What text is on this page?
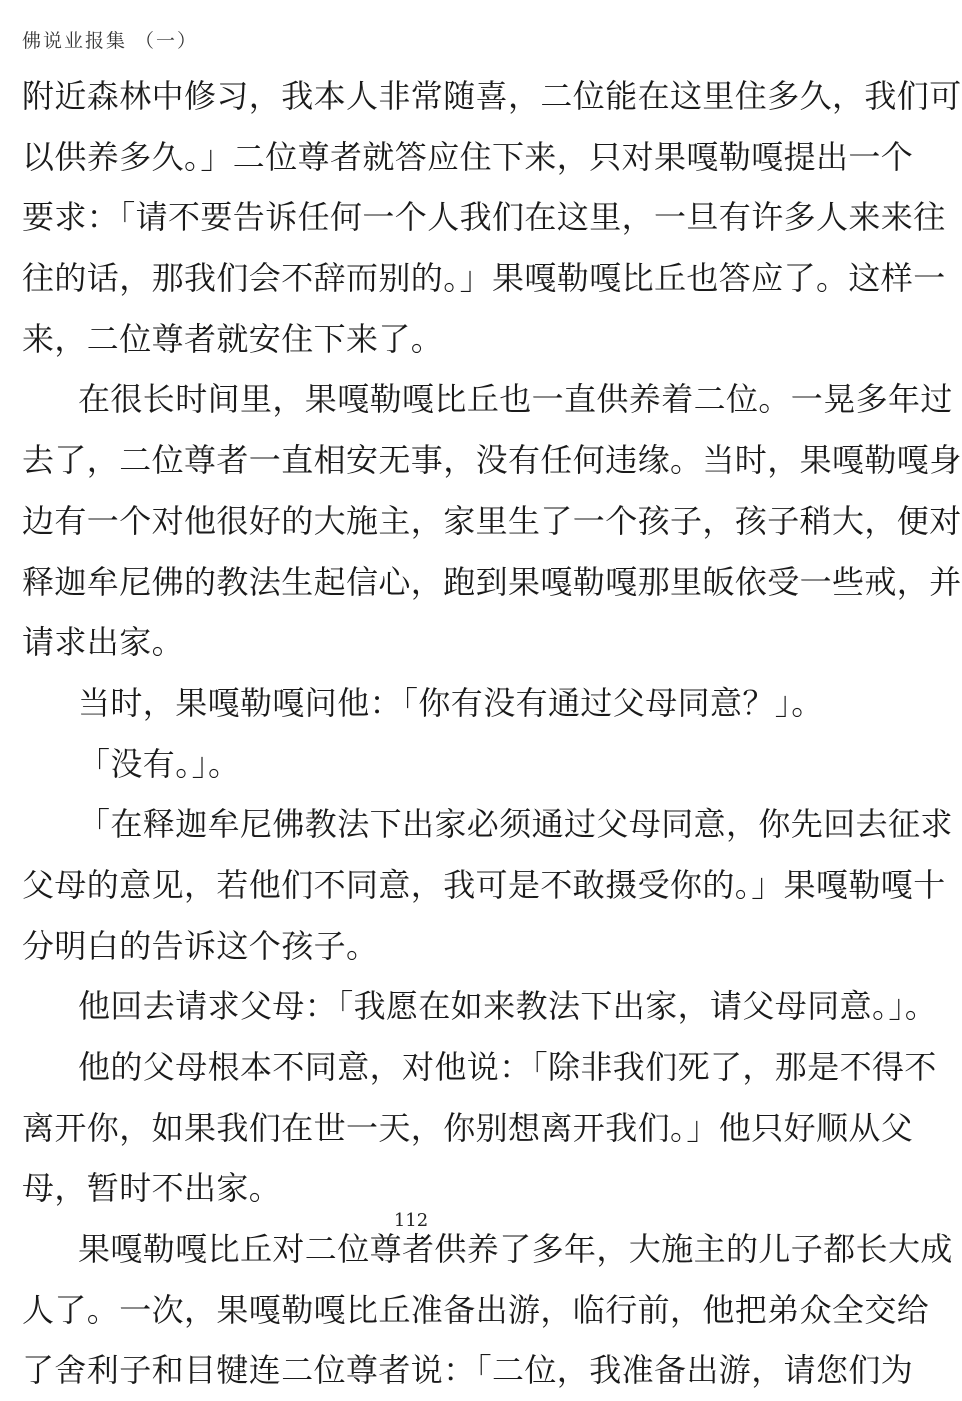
佛说业报集 （一）
附近森林中修习，我本人非常随喜，二位能在这里住多久，我们可
以供养多久。」二位尊者就答应住下来，只对果嘎勒嘎提出一个
要求：「请不要告诉任何一个人我们在这里，一旦有许多人来来往
往的话，那我们会不辞而别的。」果嘎勒嘎比丘也答应了。这样一
来，二位尊者就安住下来了。
在很长时间里，果嘎勒嘎比丘也一直供养着二位。一晃多年过
去了，二位尊者一直相安无事，没有任何违缘。当时，果嘎勒嘎身
边有一个对他很好的大施主，家里生了一个孩子，孩子稍大，便对
释迦牟尼佛的教法生起信心，跑到果嘎勒嘎那里皈依受一些戒，并
请求出家。
当时，果嘎勒嘎问他：「你有没有通过父母同意？」。
「没有。」。
「在释迦牟尼佛教法下出家必须通过父母同意，你先回去征求
父母的意见，若他们不同意，我可是不敢摄受你的。」果嘎勒嘎十
分明白的告诉这个孩子。
他回去请求父母：「我愿在如来教法下出家，请父母同意。」。
他的父母根本不同意，对他说：「除非我们死了，那是不得不
离开你，如果我们在世一天，你别想离开我们。」他只好顺从父
母，暂时不出家。
果嘎勒嘎比丘对二位尊者供养了多年，大施主的儿子都长大成
人了。一次，果嘎勒嘎比丘准备出游，临行前，他把弟众全交给
了舍利子和目犍连二位尊者说：「二位，我准备出游，请您们为
112
